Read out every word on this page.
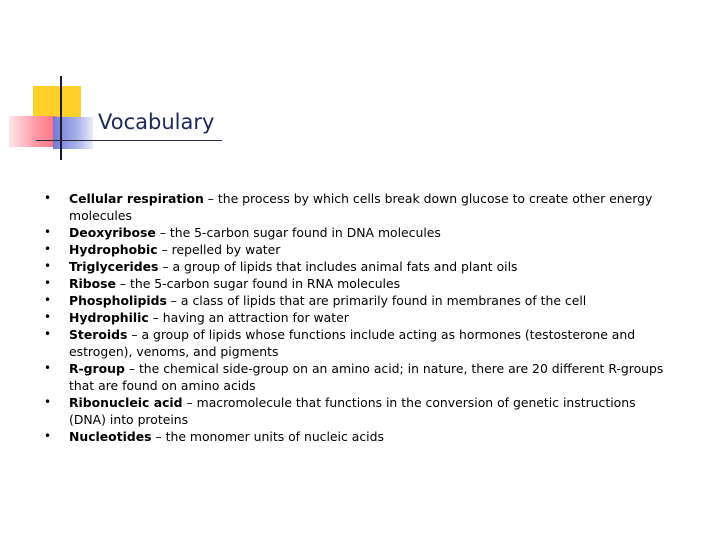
Vocabulary
•	Cellular respiration – the process by which cells break down glucose to create other energy molecules
•	Deoxyribose – the 5-carbon sugar found in DNA molecules
•	Hydrophobic – repelled by water
•	Triglycerides – a group of lipids that includes animal fats and plant oils
•	Ribose – the 5-carbon sugar found in RNA molecules
•	Phospholipids – a class of lipids that are primarily found in membranes of the cell
•	Hydrophilic – having an attraction for water
•	Steroids – a group of lipids whose functions include acting as hormones (testosterone and estrogen), venoms, and pigments
•	R-group – the chemical side-group on an amino acid; in nature, there are 20 different R-groups that are found on amino acids
•	Ribonucleic acid – macromolecule that functions in the conversion of genetic instructions (DNA) into proteins
•	Nucleotides – the monomer units of nucleic acids
